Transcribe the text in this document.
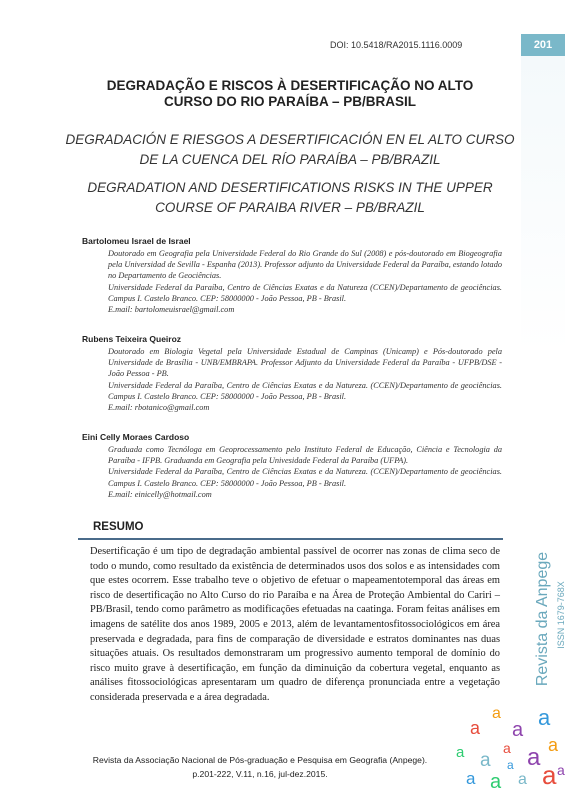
DOI: 10.5418/RA2015.1116.0009	201
DEGRADAÇÃO E RISCOS À DESERTIFICAÇÃO NO ALTO
CURSO DO RIO PARAÍBA – PB/BRASIL
DEGRADACIÓN E RIESGOS A DESERTIFICACIÓN EN EL ALTO CURSO
DE LA CUENCA DEL RÍO PARAÍBA – PB/BRAZIL
DEGRADATION AND DESERTIFICATIONS RISKS IN THE UPPER
COURSE OF PARAIBA RIVER – PB/BRAZIL
Bartolomeu Israel de Israel

Doutorado em Geografia pela Universidade Federal do Rio Grande do Sul (2008) e pós-doutorado em Biogeografia pela Universidad de Sevilla - Espanha (2013). Professor adjunto da Universidade Federal da Paraíba, estando lotado no Departamento de Geociências.

Universidade Federal da Paraíba, Centro de Ciências Exatas e da Natureza (CCEN)/Departamento de geociências. Campus I. Castelo Branco. CEP: 58000000 - João Pessoa, PB - Brasil.

E.mail: bartolomeuisrael@gmail.com

Rubens Teixeira Queiroz

Doutorado em Biologia Vegetal pela Universidade Estadual de Campinas (Unicamp) e Pós-doutorado pela Universidade de Brasília - UNB/EMBRAPA. Professor Adjunto da Universidade Federal da Paraíba - UFPB/DSE - João Pessoa - PB.

Universidade Federal da Paraíba, Centro de Ciências Exatas e da Natureza. (CCEN)/Departamento de geociências. Campus I. Castelo Branco. CEP: 58000000 - João Pessoa, PB - Brasil.

E.mail: rbotanico@gmail.com

Eini Celly Moraes Cardoso

Graduada como Tecnóloga em Geoprocessamento pelo Instituto Federal de Educação, Ciência e Tecnologia da Paraíba - IFPB. Graduanda em Geografia pela Univesidade Federal da Paraíba (UFPA).

Universidade Federal da Paraíba, Centro de Ciências Exatas e da Natureza. (CCEN)/Departamento de geociências. Campus I. Castelo Branco. CEP: 58000000 - João Pessoa, PB - Brasil.

E.mail: einicelly@hotmail.com

RESUMO

Desertificação é um tipo de degradação ambiental passível de ocorrer nas zonas de clima seco de todo o mundo, como resultado da existência de determinados usos dos solos e as intensidades com que estes ocorrem. Esse trabalho teve o objetivo de efetuar o mapeamentotemporal das áreas em risco de desertificação no Alto Curso do rio Paraíba e na Área de Proteção Ambiental do Cariri – PB/Brasil, tendo como parâmetro as modificações efetuadas na caatinga. Foram feitas análises em imagens de satélite dos anos 1989, 2005 e 2013, além de levantamentosfitossociológicos em área preservada e degradada, para fins de comparação de diversidade e estratos dominantes nas duas situações atuais. Os resultados demonstraram um progressivo aumento temporal de domínio do risco muito grave à desertificação, em função da diminuição da cobertura vegetal, enquanto as análises fitossociológicas apresentaram um quadro de diferença pronunciada entre a vegetação considerada preservada e a área degradada.

Revista da Anpege ISSN 1679-768X
Revista da Associação Nacional de Pós-graduação e Pesquisa em Geografia (Anpege).
p.201-222, V.11, n.16, jul-dez.2015.
a
a
a a
a a
a a a
a a a a a
a
